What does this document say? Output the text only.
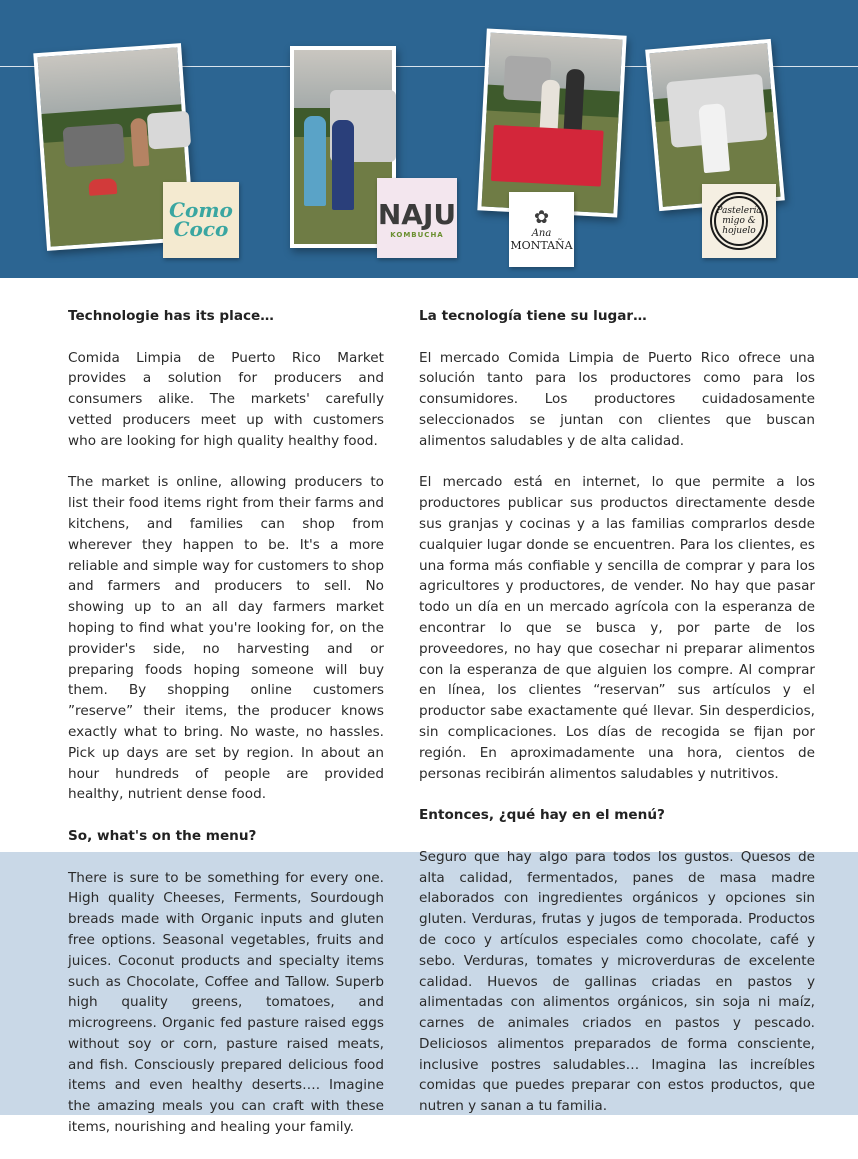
Como Coco	NAJU
KOMBUCHA
✿
Ana
MONTAÑA
Pastelería migo & hojuelo
Technologie has its place…

Comida Limpia de Puerto Rico Market provides a solution for producers and consumers alike. The markets' carefully vetted producers meet up with customers who are looking for high quality healthy food.

The market is online, allowing producers to list their food items right from their farms and kitchens, and families can shop from wherever they happen to be. It's a more reliable and simple way for customers to shop and farmers and producers to sell. No showing up to an all day farmers market hoping to find what you're looking for, on the provider's side, no harvesting and or preparing foods hoping someone will buy them. By shopping online customers ”reserve” their items, the producer knows exactly what to bring. No waste, no hassles. Pick up days are set by region. In about an hour hundreds of people are provided healthy, nutrient dense food.

So, what's on the menu?

There is sure to be something for every one. High quality Cheeses, Ferments, Sourdough breads made with Organic inputs and gluten free options. Seasonal vegetables, fruits and juices. Coconut products and specialty items such as Chocolate, Coffee and Tallow. Superb high quality greens, tomatoes, and microgreens. Organic fed pasture raised eggs without soy or corn, pasture raised meats, and fish. Consciously prepared delicious food items and even healthy deserts…. Imagine the amazing meals you can craft with these items, nourishing and healing your family.

La tecnología tiene su lugar…

El mercado Comida Limpia de Puerto Rico ofrece una solución tanto para los productores como para los consumidores. Los productores cuidadosamente seleccionados se juntan con clientes que buscan alimentos saludables y de alta calidad.

El mercado está en internet, lo que permite a los productores publicar sus productos directamente desde sus granjas y cocinas y a las familias comprarlos desde cualquier lugar donde se encuentren. Para los clientes, es una forma más confiable y sencilla de comprar y para los agricultores y productores, de vender. No hay que pasar todo un día en un mercado agrícola con la esperanza de encontrar lo que se busca y, por parte de los proveedores, no hay que cosechar ni preparar alimentos con la esperanza de que alguien los compre. Al comprar en línea, los clientes “reservan” sus artículos y el productor sabe exactamente qué llevar. Sin desperdicios, sin complicaciones. Los días de recogida se fijan por región. En aproximadamente una hora, cientos de personas recibirán alimentos saludables y nutritivos.

Entonces, ¿qué hay en el menú?

Seguro que hay algo para todos los gustos. Quesos de alta calidad, fermentados, panes de masa madre elaborados con ingredientes orgánicos y opciones sin gluten. Verduras, frutas y jugos de temporada. Productos de coco y artículos especiales como chocolate, café y sebo. Verduras, tomates y microverduras de excelente calidad. Huevos de gallinas criadas en pastos y alimentadas con alimentos orgánicos, sin soja ni maíz, carnes de animales criados en pastos y pescado. Deliciosos alimentos preparados de forma consciente, inclusive postres saludables… Imagina las increíbles comidas que puedes preparar con estos productos, que nutren y sanan a tu familia.
